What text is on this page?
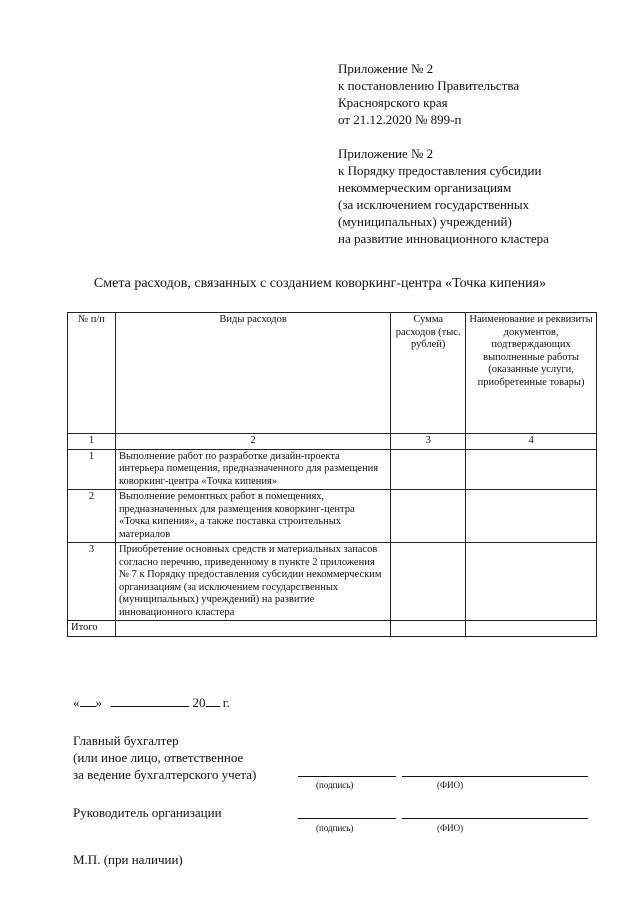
Приложение № 2
к постановлению Правительства
Красноярского края
от 21.12.2020 № 899-п
Приложение № 2
к Порядку предоставления субсидии
некоммерческим организациям
(за исключением государственных
(муниципальных) учреждений)
на развитие инновационного кластера
Смета расходов, связанных с созданием коворкинг-центра «Точка кипения»
№ п/п	Виды расходов	Сумма расходов (тыс. рублей)	Наименование и реквизиты документов, подтверждающих выполненные работы (оказанные услуги, приобретенные товары)
1	2	3	4
1	Выполнение работ по разработке дизайн-проекта интерьера помещения, предназначенного для размещения коворкинг-центра «Точка кипения»		
2	Выполнение ремонтных работ в помещениях, предназначенных для размещения коворкинг-центра «Точка кипения», а также поставка строительных материалов		
3	Приобретение основных средств и материальных запасов согласно перечню, приведенному в пункте 2 приложения № 7 к Порядку предоставления субсидии некоммерческим организациям (за исключением государственных (муниципальных) учреждений) на развитие инновационного кластера		
Итого			
« »	20 г.
Главный бухгалтер
(или иное лицо, ответственное
за ведение бухгалтерского учета)
(подпись)	(ФИО)
Руководитель организации
(подпись)	(ФИО)
М.П. (при наличии)
